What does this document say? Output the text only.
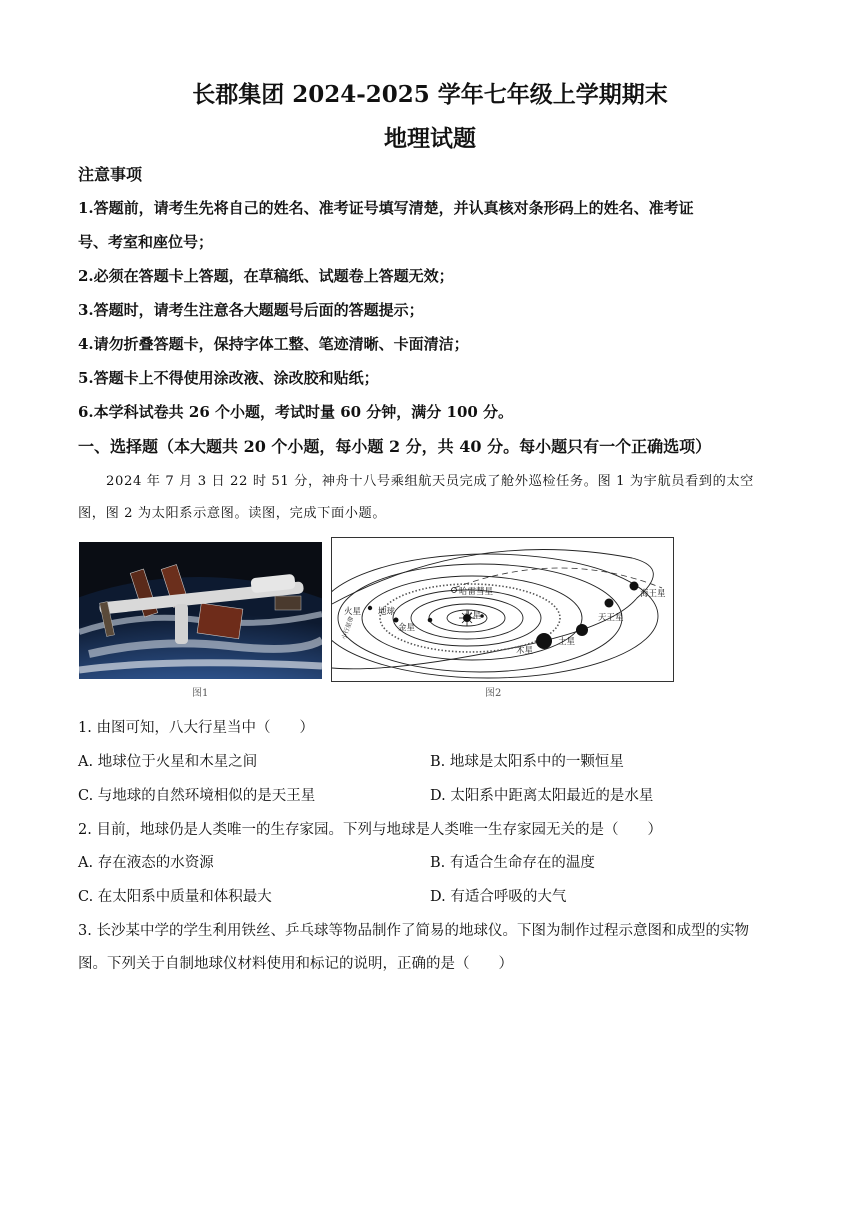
长郡集团 2024-2025 学年七年级上学期期末
地理试题
注意事项
1.答题前，请考生先将自己的姓名、准考证号填写清楚，并认真核对条形码上的姓名、准考证
号、考室和座位号；
2.必须在答题卡上答题，在草稿纸、试题卷上答题无效；
3.答题时，请考生注意各大题题号后面的答题提示；
4.请勿折叠答题卡，保持字体工整、笔迹清晰、卡面清洁；
5.答题卡上不得使用涂改液、涂改胶和贴纸；
6.本学科试卷共 26 个小题，考试时量 60 分钟，满分 100 分。
一、选择题（本大题共 20 个小题，每小题 2 分，共 40 分。每小题只有一个正确选项）
2024 年 7 月 3 日 22 时 51 分，神舟十八号乘组航天员完成了舱外巡检任务。图 1 为宇航员看到的太空
图，图 2 为太阳系示意图。读图，完成下面小题。
图1
火星 地球
金星
水星
哈雷彗星
木星
土星
天王星
海王星
小行星带
图2
1. 由图可知，八大行星当中（　　）
A. 地球位于火星和木星之间	B. 地球是太阳系中的一颗恒星
C. 与地球的自然环境相似的是天王星	D. 太阳系中距离太阳最近的是水星
2. 目前，地球仍是人类唯一的生存家园。下列与地球是人类唯一生存家园无关的是（　　）
A. 存在液态的水资源	B. 有适合生命存在的温度
C. 在太阳系中质量和体积最大	D. 有适合呼吸的大气
3. 长沙某中学的学生利用铁丝、乒乓球等物品制作了简易的地球仪。下图为制作过程示意图和成型的实物
图。下列关于自制地球仪材料使用和标记的说明，正确的是（　　）
